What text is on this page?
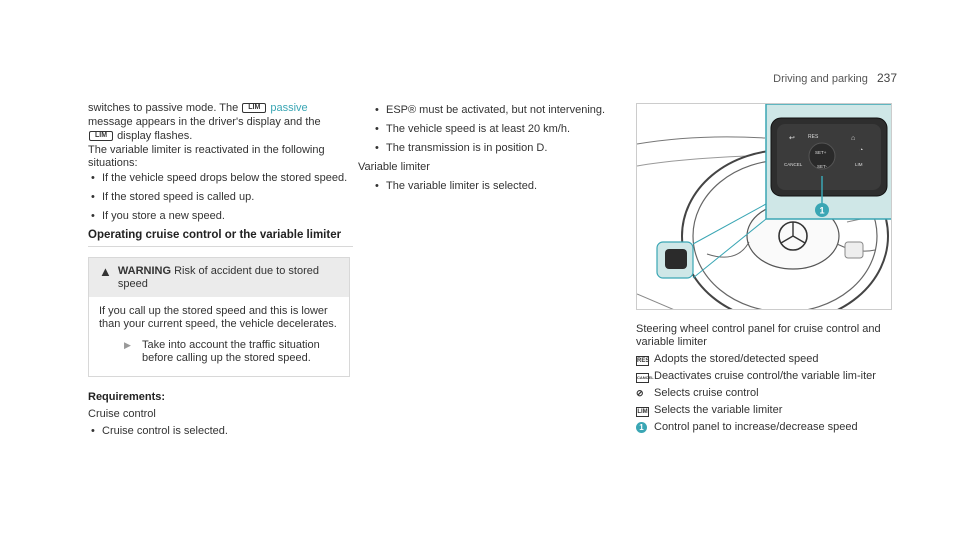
Driving and parking 237

switches to passive mode. The LIM passive

message appears in the driver's display and the

LIM display flashes.

The variable limiter is reactivated in the following situations:

• If the vehicle speed drops below the stored speed.
• If the stored speed is called up.
• If you store a new speed.
Operating cruise control or the variable limiter
▲ WARNING Risk of accident due to stored speed

If you call up the stored speed and this is lower than your current speed, the vehicle decelerates.

▶ Take into account the traffic situation before calling up the stored speed.

Requirements:

Cruise control

• Cruise control is selected.
• ESP® must be activated, but not intervening.
• The vehicle speed is at least 20 km/h.
• The transmission is in position D.

Variable limiter

• The variable limiter is selected.
RES
SET+
SET-
CANCEL	LIM
↩	⌂
◔
1

Steering wheel control panel for cruise control and variable limiter

RES Adopts the stored/detected speed
CANCEL Deactivates cruise control/the variable lim-iter
⊘ Selects cruise control
LIM Selects the variable limiter
1 Control panel to increase/decrease speed
